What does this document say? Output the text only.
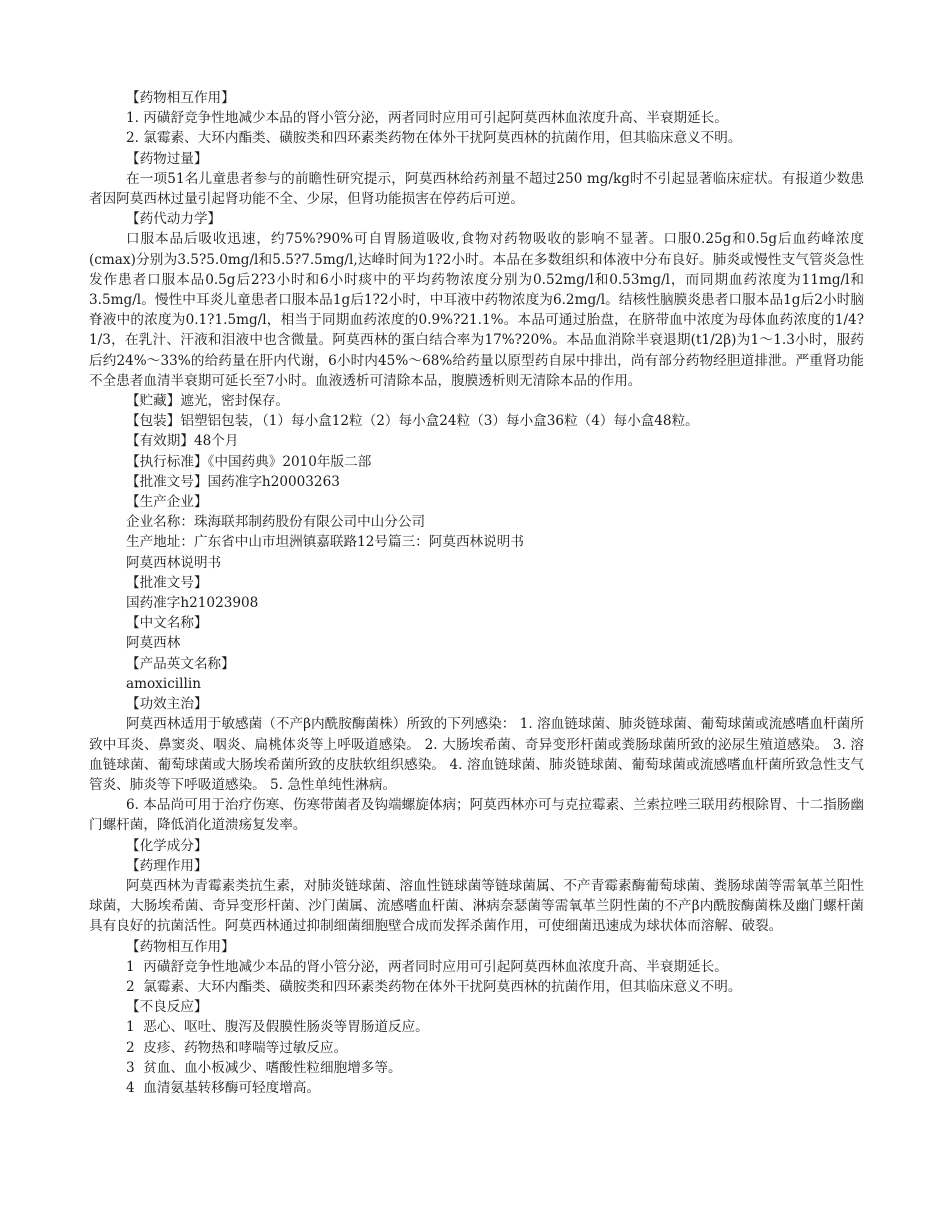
【药物相互作用】
1. 丙磺舒竞争性地减少本品的肾小管分泌，两者同时应用可引起阿莫西林血浓度升高、半衰期延长。
2. 氯霉素、大环内酯类、磺胺类和四环素类药物在体外干扰阿莫西林的抗菌作用，但其临床意义不明。
【药物过量】
在一项51名儿童患者参与的前瞻性研究提示，阿莫西林给药剂量不超过250 mg/kg时不引起显著临床症状。有报道少数患者因阿莫西林过量引起肾功能不全、少尿，但肾功能损害在停药后可逆。
【药代动力学】
口服本品后吸收迅速，约75%?90%可自胃肠道吸收,食物对药物吸收的影响不显著。口服0.25g和0.5g后血药峰浓度(cmax)分别为3.5?5.0mg/l和5.5?7.5mg/l,达峰时间为1?2小时。本品在多数组织和体液中分布良好。肺炎或慢性支气管炎急性发作患者口服本品0.5g后2?3小时和6小时痰中的平均药物浓度分别为0.52mg/l和0.53mg/l，而同期血药浓度为11mg/l和3.5mg/l。慢性中耳炎儿童患者口服本品1g后1?2小时，中耳液中药物浓度为6.2mg/l。结核性脑膜炎患者口服本品1g后2小时脑脊液中的浓度为0.1?1.5mg/l，相当于同期血药浓度的0.9%?21.1%。本品可通过胎盘，在脐带血中浓度为母体血药浓度的1/4?1/3，在乳汁、汗液和泪液中也含微量。阿莫西林的蛋白结合率为17%?20%。本品血消除半衰退期(t1/2β)为1～1.3小时，服药后约24%～33%的给药量在肝内代谢，6小时内45%～68%给药量以原型药自尿中排出，尚有部分药物经胆道排泄。严重肾功能不全患者血清半衰期可延长至7小时。血液透析可清除本品，腹膜透析则无清除本品的作用。
【贮藏】遮光，密封保存。
【包装】铝塑铝包装，（1）每小盒12粒（2）每小盒24粒（3）每小盒36粒（4）每小盒48粒。
【有效期】48个月
【执行标准】《中国药典》2010年版二部
【批准文号】国药准字h20003263
【生产企业】
企业名称：珠海联邦制药股份有限公司中山分公司
生产地址：广东省中山市坦洲镇嘉联路12号篇三：阿莫西林说明书
阿莫西林说明书
【批准文号】
国药准字h21023908
【中文名称】
阿莫西林
【产品英文名称】
amoxicillin
【功效主治】
阿莫西林适用于敏感菌（不产β内酰胺酶菌株）所致的下列感染： 1. 溶血链球菌、肺炎链球菌、葡萄球菌或流感嗜血杆菌所致中耳炎、鼻窦炎、咽炎、扁桃体炎等上呼吸道感染。 2. 大肠埃希菌、奇异变形杆菌或粪肠球菌所致的泌尿生殖道感染。 3. 溶血链球菌、葡萄球菌或大肠埃希菌所致的皮肤软组织感染。 4. 溶血链球菌、肺炎链球菌、葡萄球菌或流感嗜血杆菌所致急性支气管炎、肺炎等下呼吸道感染。 5. 急性单纯性淋病。
6. 本品尚可用于治疗伤寒、伤寒带菌者及钩端螺旋体病；阿莫西林亦可与克拉霉素、兰索拉唑三联用药根除胃、十二指肠幽门螺杆菌，降低消化道溃疡复发率。
【化学成分】
【药理作用】
阿莫西林为青霉素类抗生素，对肺炎链球菌、溶血性链球菌等链球菌属、不产青霉素酶葡萄球菌、粪肠球菌等需氧革兰阳性球菌，大肠埃希菌、奇异变形杆菌、沙门菌属、流感嗜血杆菌、淋病奈瑟菌等需氧革兰阴性菌的不产β内酰胺酶菌株及幽门螺杆菌具有良好的抗菌活性。阿莫西林通过抑制细菌细胞壁合成而发挥杀菌作用，可使细菌迅速成为球状体而溶解、破裂。
【药物相互作用】
1  丙磺舒竞争性地减少本品的肾小管分泌，两者同时应用可引起阿莫西林血浓度升高、半衰期延长。
2  氯霉素、大环内酯类、磺胺类和四环素类药物在体外干扰阿莫西林的抗菌作用，但其临床意义不明。
【不良反应】
1  恶心、呕吐、腹泻及假膜性肠炎等胃肠道反应。
2  皮疹、药物热和哮喘等过敏反应。
3  贫血、血小板减少、嗜酸性粒细胞增多等。
4  血清氨基转移酶可轻度增高。
